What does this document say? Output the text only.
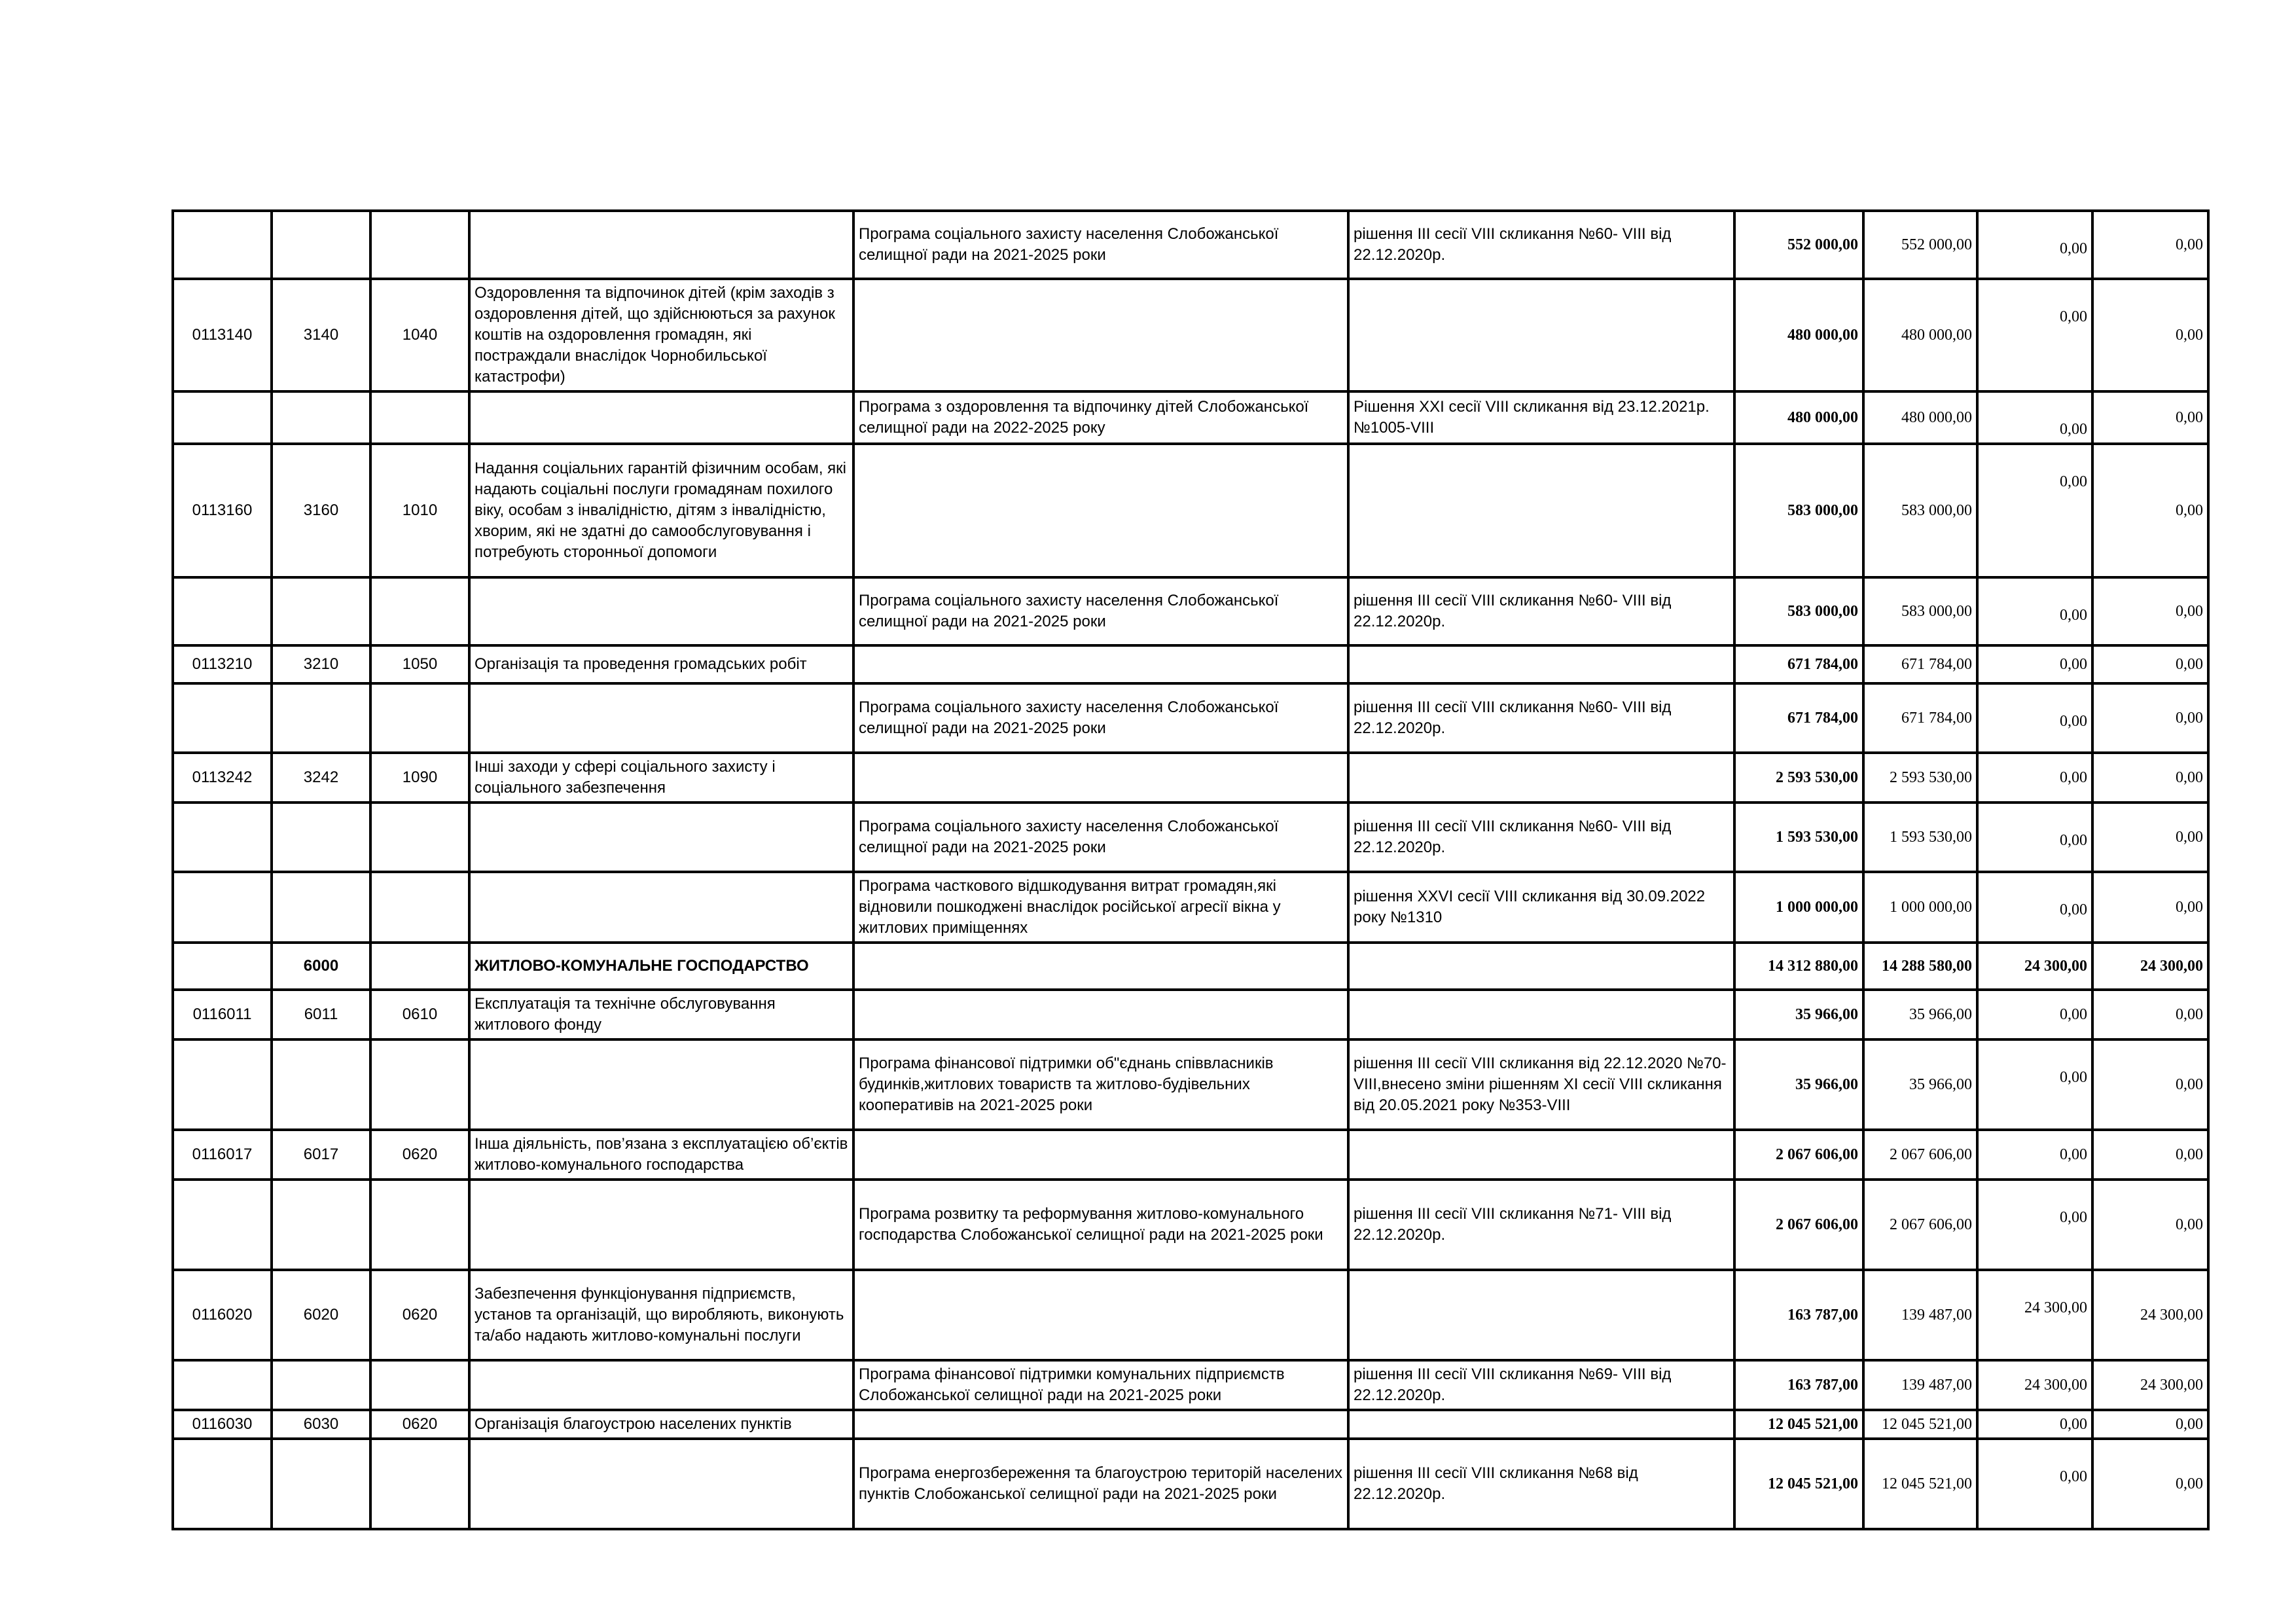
				Програма соціального захисту населення Слобожанської селищної ради на 2021-2025 роки	рішення ІІІ сесії VІІІ скликання №60- VІІІ від 22.12.2020р.	552 000,00	552 000,00	0,00	0,00
0113140	3140	1040	Оздоровлення та відпочинок дітей (крім заходів з оздоровлення дітей, що здійснюються за рахунок коштів на оздоровлення громадян, які постраждали внаслідок Чорнобильської катастрофи)			480 000,00	480 000,00	0,00	0,00
				Програма з оздоровлення та відпочинку дітей Слобожанської селищної ради на 2022-2025 року	Рішення XXI сесії VIII скликання від 23.12.2021р. №1005-VIII	480 000,00	480 000,00	0,00	0,00
0113160	3160	1010	Надання соціальних гарантій фізичним особам, які надають соціальні послуги громадянам похилого віку, особам з інвалідністю, дітям з інвалідністю, хворим, які не здатні до самообслуговування і потребують сторонньої допомоги			583 000,00	583 000,00	0,00	0,00
				Програма соціального захисту населення Слобожанської селищної ради на 2021-2025 роки	рішення ІІІ сесії VІІІ скликання №60- VІІІ від 22.12.2020р.	583 000,00	583 000,00	0,00	0,00
0113210	3210	1050	Організація та проведення громадських робіт			671 784,00	671 784,00	0,00	0,00
				Програма соціального захисту населення Слобожанської селищної ради на 2021-2025 роки	рішення ІІІ сесії VІІІ скликання №60- VІІІ від 22.12.2020р.	671 784,00	671 784,00	0,00	0,00
0113242	3242	1090	Інші заходи у сфері соціального захисту і соціального забезпечення			2 593 530,00	2 593 530,00	0,00	0,00
				Програма соціального захисту населення Слобожанської селищної ради на 2021-2025 роки	рішення ІІІ сесії VІІІ скликання №60- VІІІ від 22.12.2020р.	1 593 530,00	1 593 530,00	0,00	0,00
				Програма часткового відшкодування витрат громадян,які відновили пошкоджені внаслідок російської агресії вікна у житлових приміщеннях	рішення XXVI сесії VIII скликання від 30.09.2022 року №1310	1 000 000,00	1 000 000,00	0,00	0,00
	6000		ЖИТЛОВО-КОМУНАЛЬНЕ ГОСПОДАРСТВО			14 312 880,00	14 288 580,00	24 300,00	24 300,00
0116011	6011	0610	Експлуатація та технічне обслуговування житлового фонду			35 966,00	35 966,00	0,00	0,00
				Програма фінансової підтримки об"єднань співвласників будинків,житлових товариств та житлово-будівельних кооперативів на 2021-2025 роки	рішення ІІІ сесії VІІІ скликання від 22.12.2020 №70-VIII,внесено зміни рішенням XI сесії VIII скликання від 20.05.2021 року №353-VIII	35 966,00	35 966,00	0,00	0,00
0116017	6017	0620	Інша діяльність, пов’язана з експлуатацією об’єктів житлово-комунального господарства			2 067 606,00	2 067 606,00	0,00	0,00
				Програма розвитку та реформування житлово-комунального господарства Слобожанської селищної ради на 2021-2025 роки	рішення ІІІ сесії VІІІ скликання №71- VІІІ від 22.12.2020р.	2 067 606,00	2 067 606,00	0,00	0,00
0116020	6020	0620	Забезпечення функціонування підприємств, установ та організацій, що виробляють, виконують та/або надають житлово-комунальні послуги			163 787,00	139 487,00	24 300,00	24 300,00
				Програма фінансової підтримки комунальних підприємств Слобожанської селищної ради на 2021-2025 роки	рішення ІІІ сесії VІІІ скликання №69- VІІІ від 22.12.2020р.	163 787,00	139 487,00	24 300,00	24 300,00
0116030	6030	0620	Організація благоустрою населених пунктів			12 045 521,00	12 045 521,00	0,00	0,00
				Програма енергозбереження та благоустрою територій населених пунктів Слобожанської селищної ради на 2021-2025 роки	рішення ІІІ сесії VІІІ скликання №68 від 22.12.2020р.	12 045 521,00	12 045 521,00	0,00	0,00
